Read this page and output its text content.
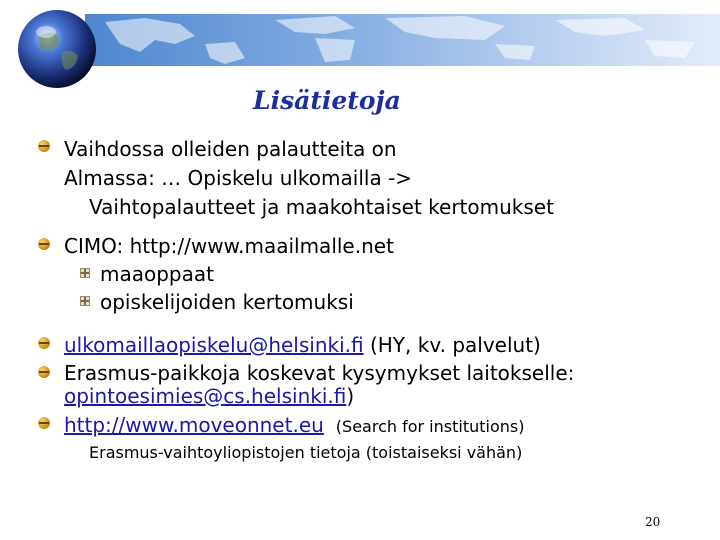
Lisätietoja
Vaihdossa olleiden palautteita on
Almassa: … Opiskelu ulkomailla ->
Vaihtopalautteet ja maakohtaiset kertomukset
CIMO: http://www.maailmalle.net
maaoppaat
opiskelijoiden kertomuksi
ulkomaillaopiskelu@helsinki.fi (HY, kv. palvelut)
Erasmus-paikkoja koskevat kysymykset laitokselle:
opintoesimies@cs.helsinki.fi)
http://www.moveonnet.eu (Search for institutions)
Erasmus-vaihtoyliopistojen tietoja (toistaiseksi vähän)
20
